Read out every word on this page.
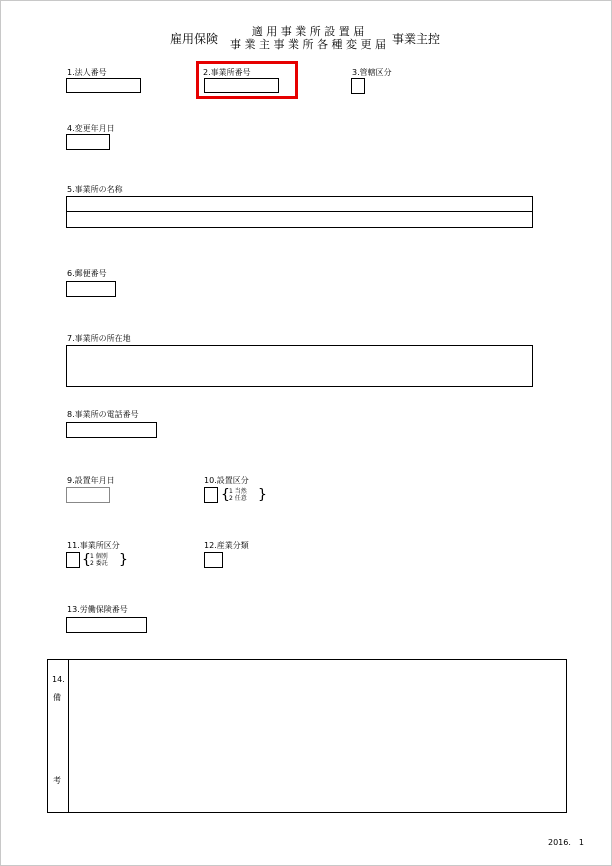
雇用保険
適 用 事 業 所 設 置 届
事 業 主 事 業 所 各 種 変 更 届 事業主控
1.法人番号	2.事業所番号	3.管轄区分
4.変更年月日
5.事業所の名称
6.郵便番号
7.事業所の所在地
8.事業所の電話番号
9.設置年月日	10.設置区分
{ 1 当然
2 任意 }
11.事業所区分
{ 1 個別
2 委託 }
12.産業分類
13.労働保険番号
14.
備
考
2016.　1
